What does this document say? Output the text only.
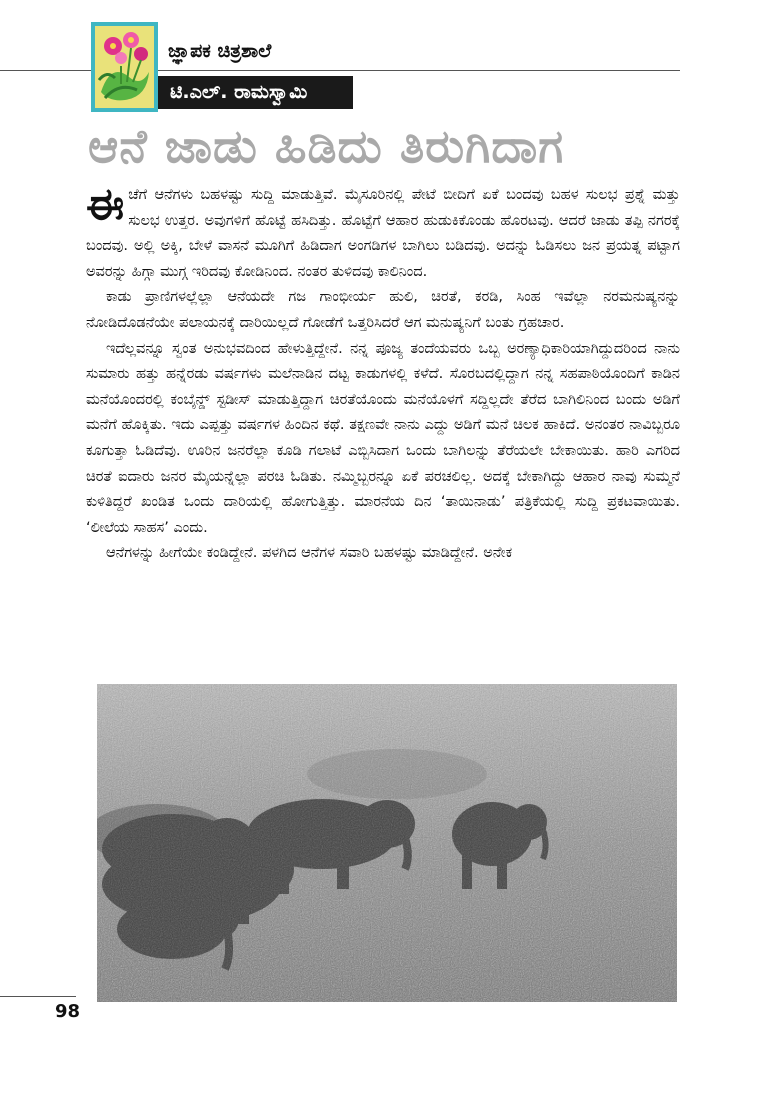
ಜ್ಞಾಪಕ ಚಿತ್ರಶಾಲೆ
ಟಿ.ಎಲ್. ರಾಮಸ್ವಾಮಿ
ಆನೆ ಜಾಡು ಹಿಡಿದು ತಿರುಗಿದಾಗ

ಈಚೆಗೆ ಆನೆಗಳು ಬಹಳಷ್ಟು ಸುದ್ದಿ ಮಾಡುತ್ತಿವೆ. ಮೈಸೂರಿನಲ್ಲಿ ಪೇಟೆ ಬೀದಿಗೆ ಏಕೆ ಬಂದವು ಬಹಳ ಸುಲಭ ಪ್ರಶ್ನೆ ಮತ್ತು ಸುಲಭ ಉತ್ತರ. ಅವುಗಳಿಗೆ ಹೊಟ್ಟೆ ಹಸಿದಿತ್ತು. ಹೊಟ್ಟೆಗೆ ಆಹಾರ ಹುಡುಕಿಕೊಂಡು ಹೊರಟವು. ಆದರೆ ಜಾಡು ತಪ್ಪಿ ನಗರಕ್ಕೆ ಬಂದವು. ಅಲ್ಲಿ ಅಕ್ಕಿ, ಬೇಳೆ ವಾಸನೆ ಮೂಗಿಗೆ ಹಿಡಿದಾಗ ಅಂಗಡಿಗಳ ಬಾಗಿಲು ಬಡಿದವು. ಅದನ್ನು ಓಡಿಸಲು ಜನ ಪ್ರಯತ್ನ ಪಟ್ಟಾಗ ಅವರನ್ನು ಹಿಗ್ಗಾ ಮುಗ್ಗ ಇರಿದವು ಕೋಡಿನಿಂದ. ನಂತರ ತುಳಿದವು ಕಾಲಿನಿಂದ.

ಕಾಡು ಪ್ರಾಣಿಗಳಲ್ಲೆಲ್ಲಾ ಆನೆಯದೇ ಗಜ ಗಾಂಭೀರ್ಯ ಹುಲಿ, ಚಿರತೆ, ಕರಡಿ, ಸಿಂಹ ಇವೆಲ್ಲಾ ನರಮನುಷ್ಯನನ್ನು ನೋಡಿದೊಡನೆಯೇ ಪಲಾಯನಕ್ಕೆ ದಾರಿಯಿಲ್ಲದೆ ಗೋಡೆಗೆ ಒತ್ತರಿಸಿದರೆ ಆಗ ಮನುಷ್ಯನಿಗೆ ಬಂತು ಗ್ರಹಚಾರ.

ಇದೆಲ್ಲವನ್ನೂ ಸ್ವಂತ ಅನುಭವದಿಂದ ಹೇಳುತ್ತಿದ್ದೇನೆ. ನನ್ನ ಪೂಜ್ಯ ತಂದೆಯವರು ಒಬ್ಬ ಅರಣ್ಯಾಧಿಕಾರಿಯಾಗಿದ್ದುದರಿಂದ ನಾನು ಸುಮಾರು ಹತ್ತು ಹನ್ನೆರಡು ವರ್ಷಗಳು ಮಲೆನಾಡಿನ ದಟ್ಟ ಕಾಡುಗಳಲ್ಲಿ ಕಳೆದೆ. ಸೊರಬದಲ್ಲಿದ್ದಾಗ ನನ್ನ ಸಹಪಾಠಿಯೊಂದಿಗೆ ಕಾಡಿನ ಮನೆಯೊಂದರಲ್ಲಿ ಕಂಬೈನ್ಡ್ ಸ್ಟಡೀಸ್ ಮಾಡುತ್ತಿದ್ದಾಗ ಚಿರತೆಯೊಂದು ಮನೆಯೊಳಗೆ ಸದ್ದಿಲ್ಲದೇ ತೆರೆದ ಬಾಗಿಲಿನಿಂದ ಬಂದು ಅಡಿಗೆ ಮನೆಗೆ ಹೊಕ್ಕಿತು. ಇದು ಎಪ್ಪತ್ತು ವರ್ಷಗಳ ಹಿಂದಿನ ಕಥೆ. ತಕ್ಷಣವೇ ನಾನು ಎದ್ದು ಅಡಿಗೆ ಮನೆ ಚಿಲಕ ಹಾಕಿದೆ. ಅನಂತರ ನಾವಿಬ್ಬರೂ ಕೂಗುತ್ತಾ ಓಡಿದೆವು. ಊರಿನ ಜನರೆಲ್ಲಾ ಕೂಡಿ ಗಲಾಟೆ ಎಬ್ಬಿಸಿದಾಗ ಒಂದು ಬಾಗಿಲನ್ನು ತೆರೆಯಲೇ ಬೇಕಾಯಿತು. ಹಾರಿ ಎಗರಿದ ಚಿರತೆ ಐದಾರು ಜನರ ಮೈಯನ್ನೆಲ್ಲಾ ಪರಚಿ ಓಡಿತು. ನಮ್ಮಿಬ್ಬರನ್ನೂ ಏಕೆ ಪರಚಲಿಲ್ಲ. ಅದಕ್ಕೆ ಬೇಕಾಗಿದ್ದು ಆಹಾರ ನಾವು ಸುಮ್ಮನೆ ಕುಳಿತಿದ್ದರೆ ಖಂಡಿತ ಒಂದು ದಾರಿಯಲ್ಲಿ ಹೋಗುತ್ತಿತ್ತು. ಮಾರನೆಯ ದಿನ ‘ತಾಯಿನಾಡು’ ಪತ್ರಿಕೆಯಲ್ಲಿ ಸುದ್ದಿ ಪ್ರಕಟವಾಯಿತು. ‘ಲೀಲೆಯ ಸಾಹಸ’ ಎಂದು.

ಆನೆಗಳನ್ನು ಹೀಗೆಯೇ ಕಂಡಿದ್ದೇನೆ. ಪಳಗಿದ ಆನೆಗಳ ಸವಾರಿ ಬಹಳಷ್ಟು ಮಾಡಿದ್ದೇನೆ. ಅನೇಕ

98
